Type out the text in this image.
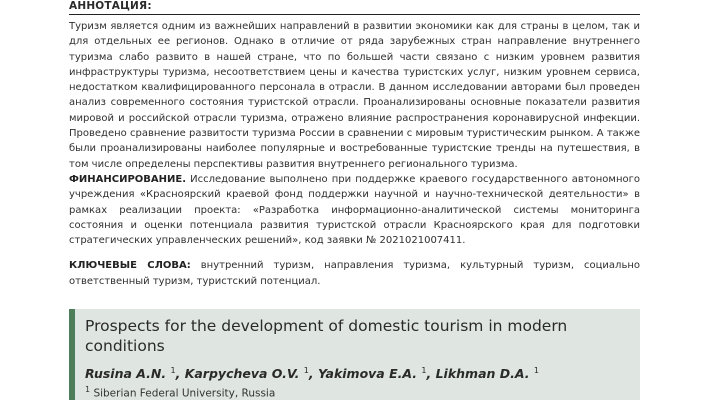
АННОТАЦИЯ:

Туризм является одним из важнейших направлений в развитии экономики как для страны в целом, так и для отдельных ее регионов. Однако в отличие от ряда зарубежных стран направление внутреннего туризма слабо развито в нашей стране, что по большей части связано с низким уровнем развития инфраструктуры туризма, несоответствием цены и качества туристских услуг, низким уровнем сервиса, недостатком квалифицированного персонала в отрасли. В данном исследовании авторами был проведен анализ современного состояния туристской отрасли. Проанализированы основные показатели развития мировой и российской отрасли туризма, отражено влияние распространения коронавирусной инфекции. Проведено сравнение развитости туризма России в сравнении с мировым туристическим рынком. А также были проанализированы наиболее популярные и востребованные туристские тренды на путешествия, в том числе определены перспективы развития внутреннего регионального туризма.

ФИНАНСИРОВАНИЕ. Исследование выполнено при поддержке краевого государственного автономного учреждения «Красноярский краевой фонд поддержки научной и научно-технической деятельности» в рамках реализации проекта: «Разработка информационно-аналитической системы мониторинга состояния и оценки потенциала развития туристской отрасли Красноярского края для подготовки стратегических управленческих решений», код заявки № 2021021007411.

КЛЮЧЕВЫЕ СЛОВА: внутренний туризм, направления туризма, культурный туризм, социально ответственный туризм, туристский потенциал.

Prospects for the development of domestic tourism in modern conditions
Rusina A.N. $^1$, Karpycheva O.V. $^1$, Yakimova E.A. $^1$, Likhman D.A. $^1$
$^1$ Siberian Federal University, Russia
